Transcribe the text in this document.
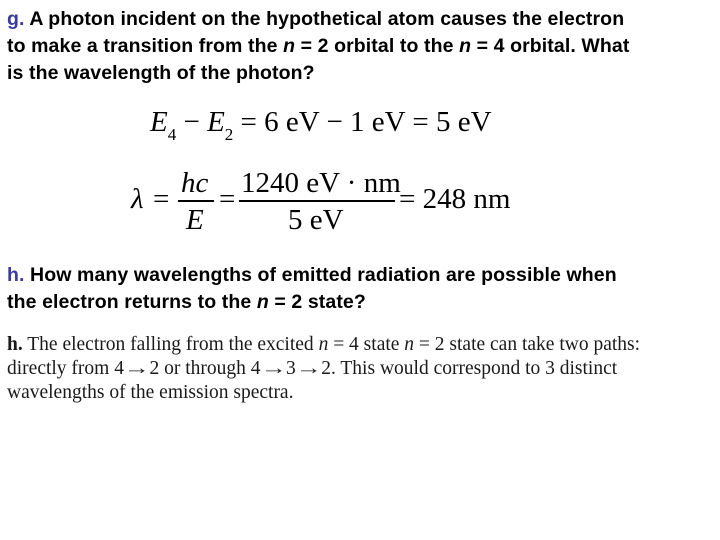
g. A photon incident on the hypothetical atom causes the electron
to make a transition from the n = 2 orbital to the n = 4 orbital. What
is the wavelength of the photon?
$E_4 - E_2 = 6$ eV − 1 eV = 5 eV
λ = hc
E
= 1240 eV · nm
5 eV
= 248 nm
h. How many wavelengths of emitted radiation are possible when
the electron returns to the n = 2 state?
h. The electron falling from the excited n = 4 state n = 2 state can take two paths:
directly from 4→2 or through 4→3→2. This would correspond to 3 distinct
wavelengths of the emission spectra.
